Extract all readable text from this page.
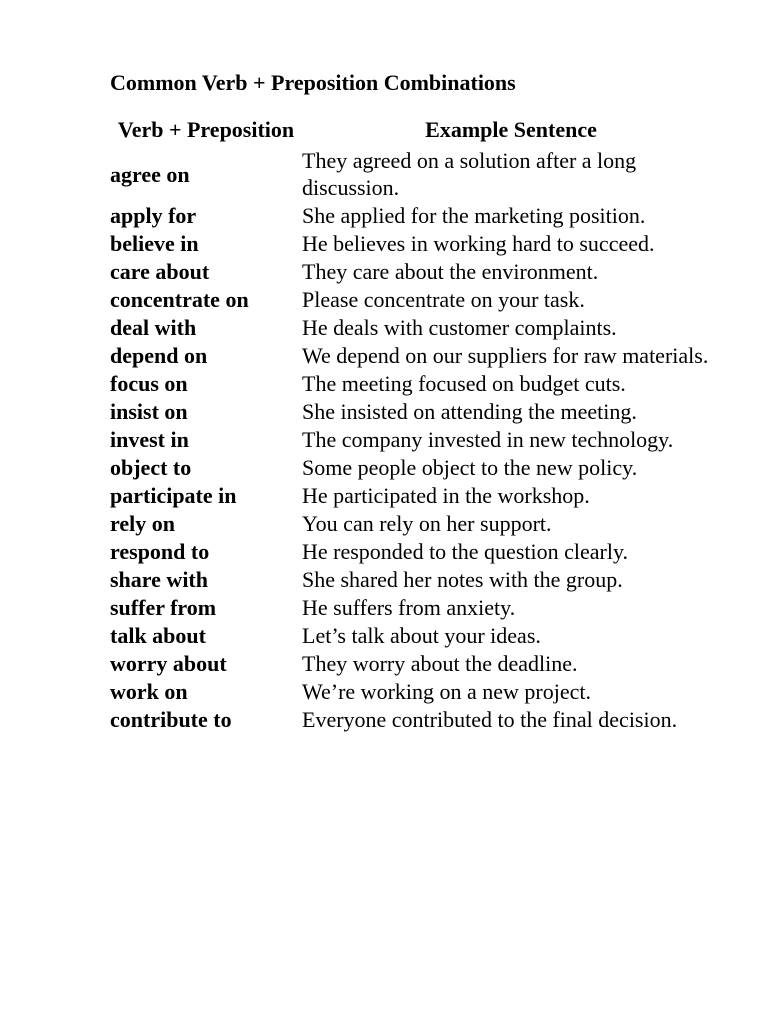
Common Verb + Preposition Combinations
Verb + Preposition	Example Sentence
agree on	They agreed on a solution after a long discussion.
apply for	She applied for the marketing position.
believe in	He believes in working hard to succeed.
care about	They care about the environment.
concentrate on	Please concentrate on your task.
deal with	He deals with customer complaints.
depend on	We depend on our suppliers for raw materials.
focus on	The meeting focused on budget cuts.
insist on	She insisted on attending the meeting.
invest in	The company invested in new technology.
object to	Some people object to the new policy.
participate in	He participated in the workshop.
rely on	You can rely on her support.
respond to	He responded to the question clearly.
share with	She shared her notes with the group.
suffer from	He suffers from anxiety.
talk about	Let’s talk about your ideas.
worry about	They worry about the deadline.
work on	We’re working on a new project.
contribute to	Everyone contributed to the final decision.
